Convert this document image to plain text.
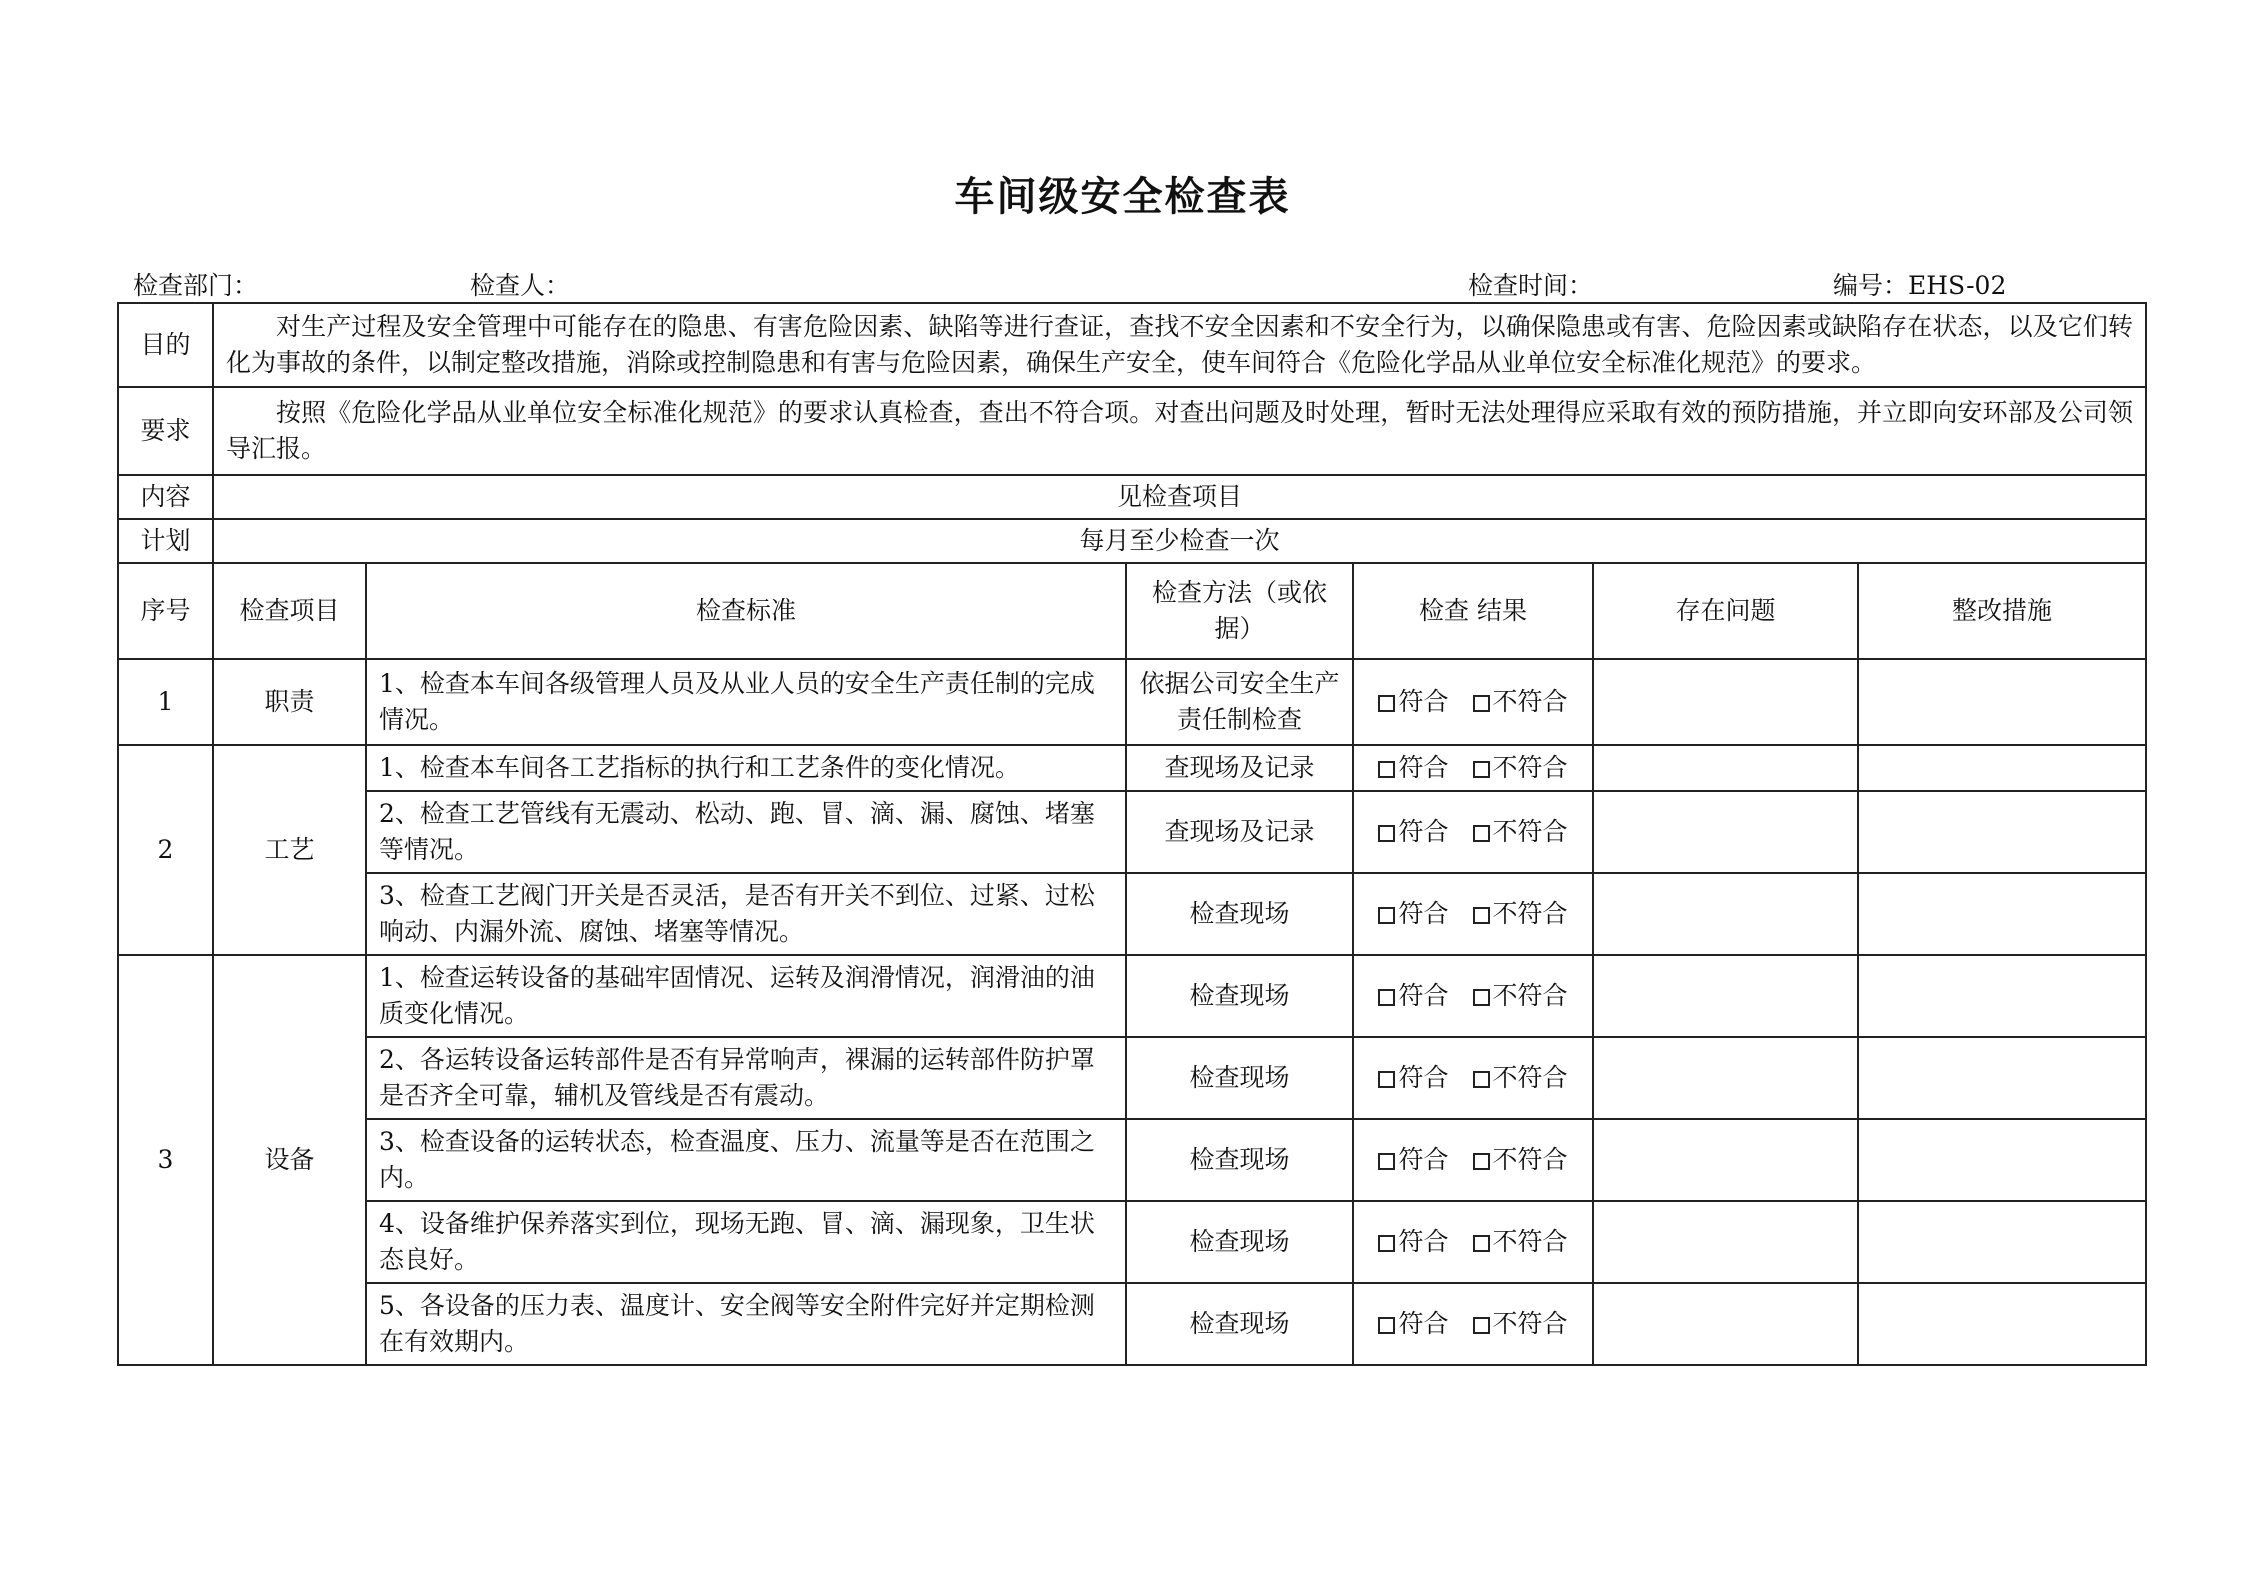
车间级安全检查表
检查部门：	检查人：	检查时间：	编号：EHS-02
目的	对生产过程及安全管理中可能存在的隐患、有害危险因素、缺陷等进行查证，查找不安全因素和不安全行为，以确保隐患或有害、危险因素或缺陷存在状态，以及它们转化为事故的条件，以制定整改措施，消除或控制隐患和有害与危险因素，确保生产安全，使车间符合《危险化学品从业单位安全标准化规范》的要求。					
要求	按照《危险化学品从业单位安全标准化规范》的要求认真检查，查出不符合项。对查出问题及时处理，暂时无法处理得应采取有效的预防措施，并立即向安环部及公司领导汇报。					
内容	见检查项目					
计划	每月至少检查一次					
序号	检查项目	检查标准	检查方法（或依据）	检查 结果	存在问题	整改措施
1	职责	1、检查本车间各级管理人员及从业人员的安全生产责任制的完成情况。	依据公司安全生产责任制检查	符合 不符合		
2	工艺	1、检查本车间各工艺指标的执行和工艺条件的变化情况。	查现场及记录	符合 不符合		
		2、检查工艺管线有无震动、松动、跑、冒、滴、漏、腐蚀、堵塞等情况。	查现场及记录	符合 不符合		
		3、检查工艺阀门开关是否灵活，是否有开关不到位、过紧、过松响动、内漏外流、腐蚀、堵塞等情况。	检查现场	符合 不符合		
3	设备	1、检查运转设备的基础牢固情况、运转及润滑情况，润滑油的油质变化情况。	检查现场	符合 不符合		
		2、各运转设备运转部件是否有异常响声，裸漏的运转部件防护罩是否齐全可靠，辅机及管线是否有震动。	检查现场	符合 不符合		
		3、检查设备的运转状态，检查温度、压力、流量等是否在范围之内。	检查现场	符合 不符合		
		4、设备维护保养落实到位，现场无跑、冒、滴、漏现象，卫生状态良好。	检查现场	符合 不符合		
		5、各设备的压力表、温度计、安全阀等安全附件完好并定期检测在有效期内。	检查现场	符合 不符合		
